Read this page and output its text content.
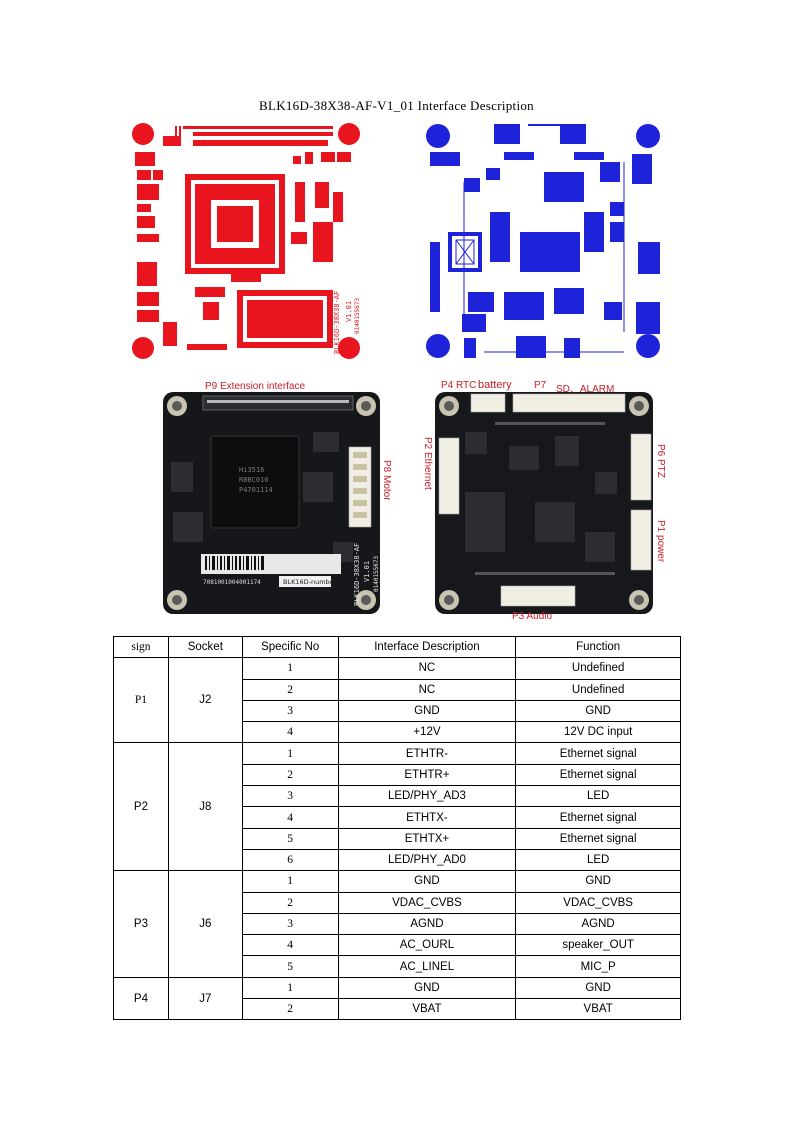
BLK16D-38X38-AF-V1_01 Interface Description
BLK16D-38X38-AF V1.01 0140155673
Hi3516
RBBC010
P4701114
7081001004001174	BLK16D-number BLK16D-38X38-AF V1.01 0140155673
P9 Extension interface
P8 Motor
P4 RTC battery P7 SD、ALARM
P2 Ethernet	P6 PTZ
P1 power
P3 Audio
sign	Socket	Specific No	Interface Description	Function
P1	J2	1	NC	Undefined
		2	NC	Undefined
		3	GND	GND
		4	+12V	12V DC input
P2	J8	1	ETHTR-	Ethernet signal
		2	ETHTR+	Ethernet signal
		3	LED/PHY_AD3	LED
		4	ETHTX-	Ethernet signal
		5	ETHTX+	Ethernet signal
		6	LED/PHY_AD0	LED
P3	J6	1	GND	GND
		2	VDAC_CVBS	VDAC_CVBS
		3	AGND	AGND
		4	AC_OURL	speaker_OUT
		5	AC_LINEL	MIC_P
P4	J7	1	GND	GND
		2	VBAT	VBAT
